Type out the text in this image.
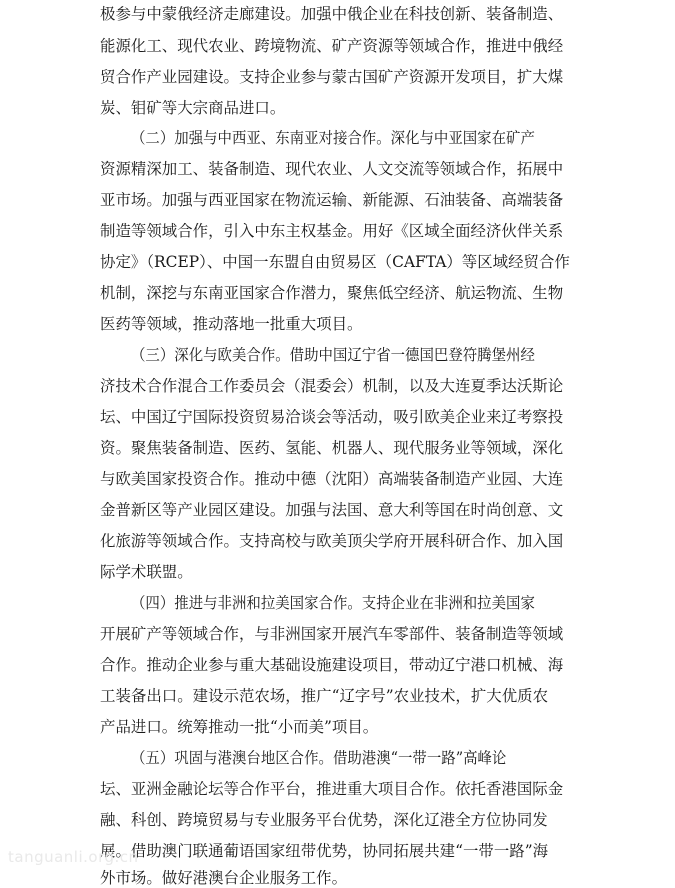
极参与中蒙俄经济走廊建设。加强中俄企业在科技创新、装备制造、
能源化工、现代农业、跨境物流、矿产资源等领域合作，推进中俄经
贸合作产业园建设。支持企业参与蒙古国矿产资源开发项目，扩大煤
炭、钼矿等大宗商品进口。
（二）加强与中西亚、东南亚对接合作。深化与中亚国家在矿产
资源精深加工、装备制造、现代农业、人文交流等领域合作，拓展中
亚市场。加强与西亚国家在物流运输、新能源、石油装备、高端装备
制造等领域合作，引入中东主权基金。用好《区域全面经济伙伴关系
协定》（RCEP）、中国一东盟自由贸易区（CAFTA）等区域经贸合作
机制，深挖与东南亚国家合作潜力，聚焦低空经济、航运物流、生物
医药等领域，推动落地一批重大项目。
（三）深化与欧美合作。借助中国辽宁省一德国巴登符腾堡州经
济技术合作混合工作委员会（混委会）机制，以及大连夏季达沃斯论
坛、中国辽宁国际投资贸易洽谈会等活动，吸引欧美企业来辽考察投
资。聚焦装备制造、医药、氢能、机器人、现代服务业等领域，深化
与欧美国家投资合作。推动中德（沈阳）高端装备制造产业园、大连
金普新区等产业园区建设。加强与法国、意大利等国在时尚创意、文
化旅游等领域合作。支持高校与欧美顶尖学府开展科研合作、加入国
际学术联盟。
（四）推进与非洲和拉美国家合作。支持企业在非洲和拉美国家
开展矿产等领域合作，与非洲国家开展汽车零部件、装备制造等领域
合作。推动企业参与重大基础设施建设项目，带动辽宁港口机械、海
工装备出口。建设示范农场，推广“辽字号”农业技术，扩大优质农
产品进口。统筹推动一批“小而美”项目。
（五）巩固与港澳台地区合作。借助港澳“一带一路”高峰论
坛、亚洲金融论坛等合作平台，推进重大项目合作。依托香港国际金
融、科创、跨境贸易与专业服务平台优势，深化辽港全方位协同发
展。借助澳门联通葡语国家纽带优势，协同拓展共建“一带一路”海
外市场。做好港澳台企业服务工作。
tanguanli.org.cn
